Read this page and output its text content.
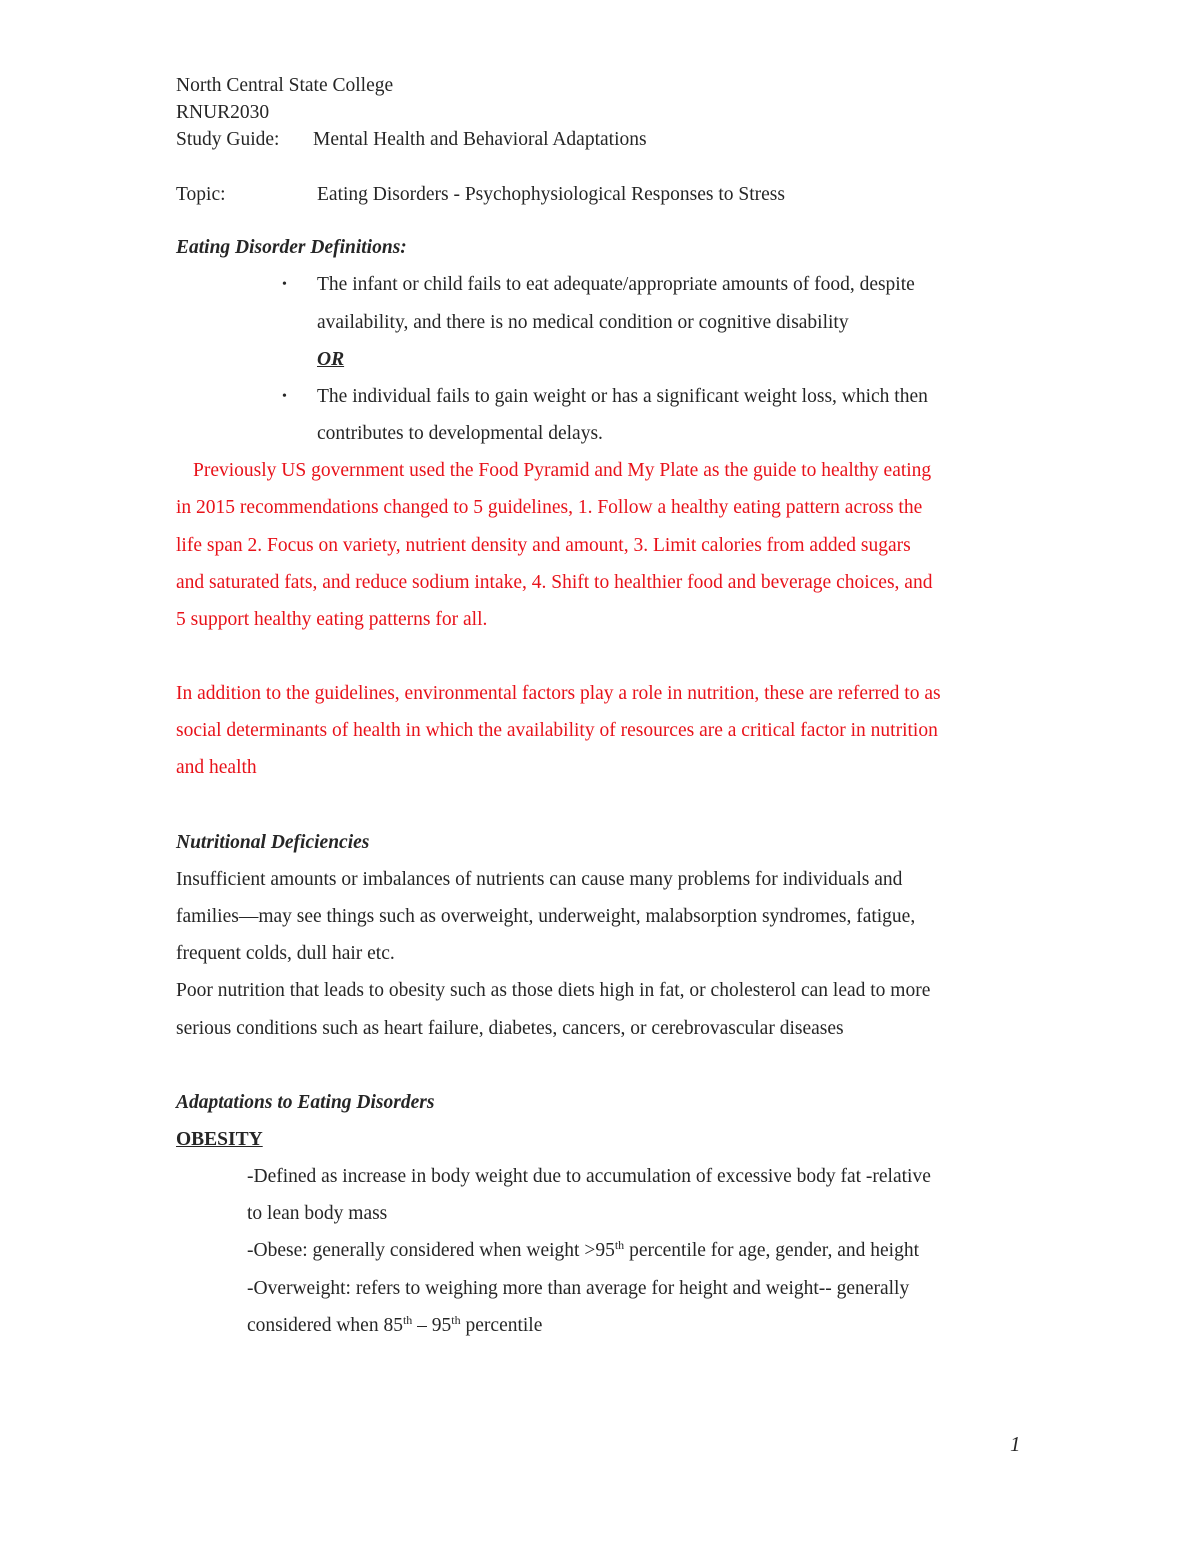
North Central State College
RNUR2030
Study Guide: Mental Health and Behavioral Adaptations
Topic:	Eating Disorders - Psychophysiological Responses to Stress
Eating Disorder Definitions:
• The infant or child fails to eat adequate/appropriate amounts of food, despite
availability, and there is no medical condition or cognitive disability
OR
• The individual fails to gain weight or has a significant weight loss, which then
contributes to developmental delays.
Previously US government used the Food Pyramid and My Plate as the guide to healthy eating
in 2015 recommendations changed to 5 guidelines, 1. Follow a healthy eating pattern across the
life span 2. Focus on variety, nutrient density and amount, 3. Limit calories from added sugars
and saturated fats, and reduce sodium intake, 4. Shift to healthier food and beverage choices, and
5 support healthy eating patterns for all.
In addition to the guidelines, environmental factors play a role in nutrition, these are referred to as
social determinants of health in which the availability of resources are a critical factor in nutrition
and health
Nutritional Deficiencies
Insufficient amounts or imbalances of nutrients can cause many problems for individuals and
families—may see things such as overweight, underweight, malabsorption syndromes, fatigue,
frequent colds, dull hair etc.
Poor nutrition that leads to obesity such as those diets high in fat, or cholesterol can lead to more
serious conditions such as heart failure, diabetes, cancers, or cerebrovascular diseases
Adaptations to Eating Disorders
OBESITY
-Defined as increase in body weight due to accumulation of excessive body fat -relative
to lean body mass
-Obese: generally considered when weight >95th percentile for age, gender, and height
-Overweight: refers to weighing more than average for height and weight-- generally
considered when 85th – 95th percentile
1
